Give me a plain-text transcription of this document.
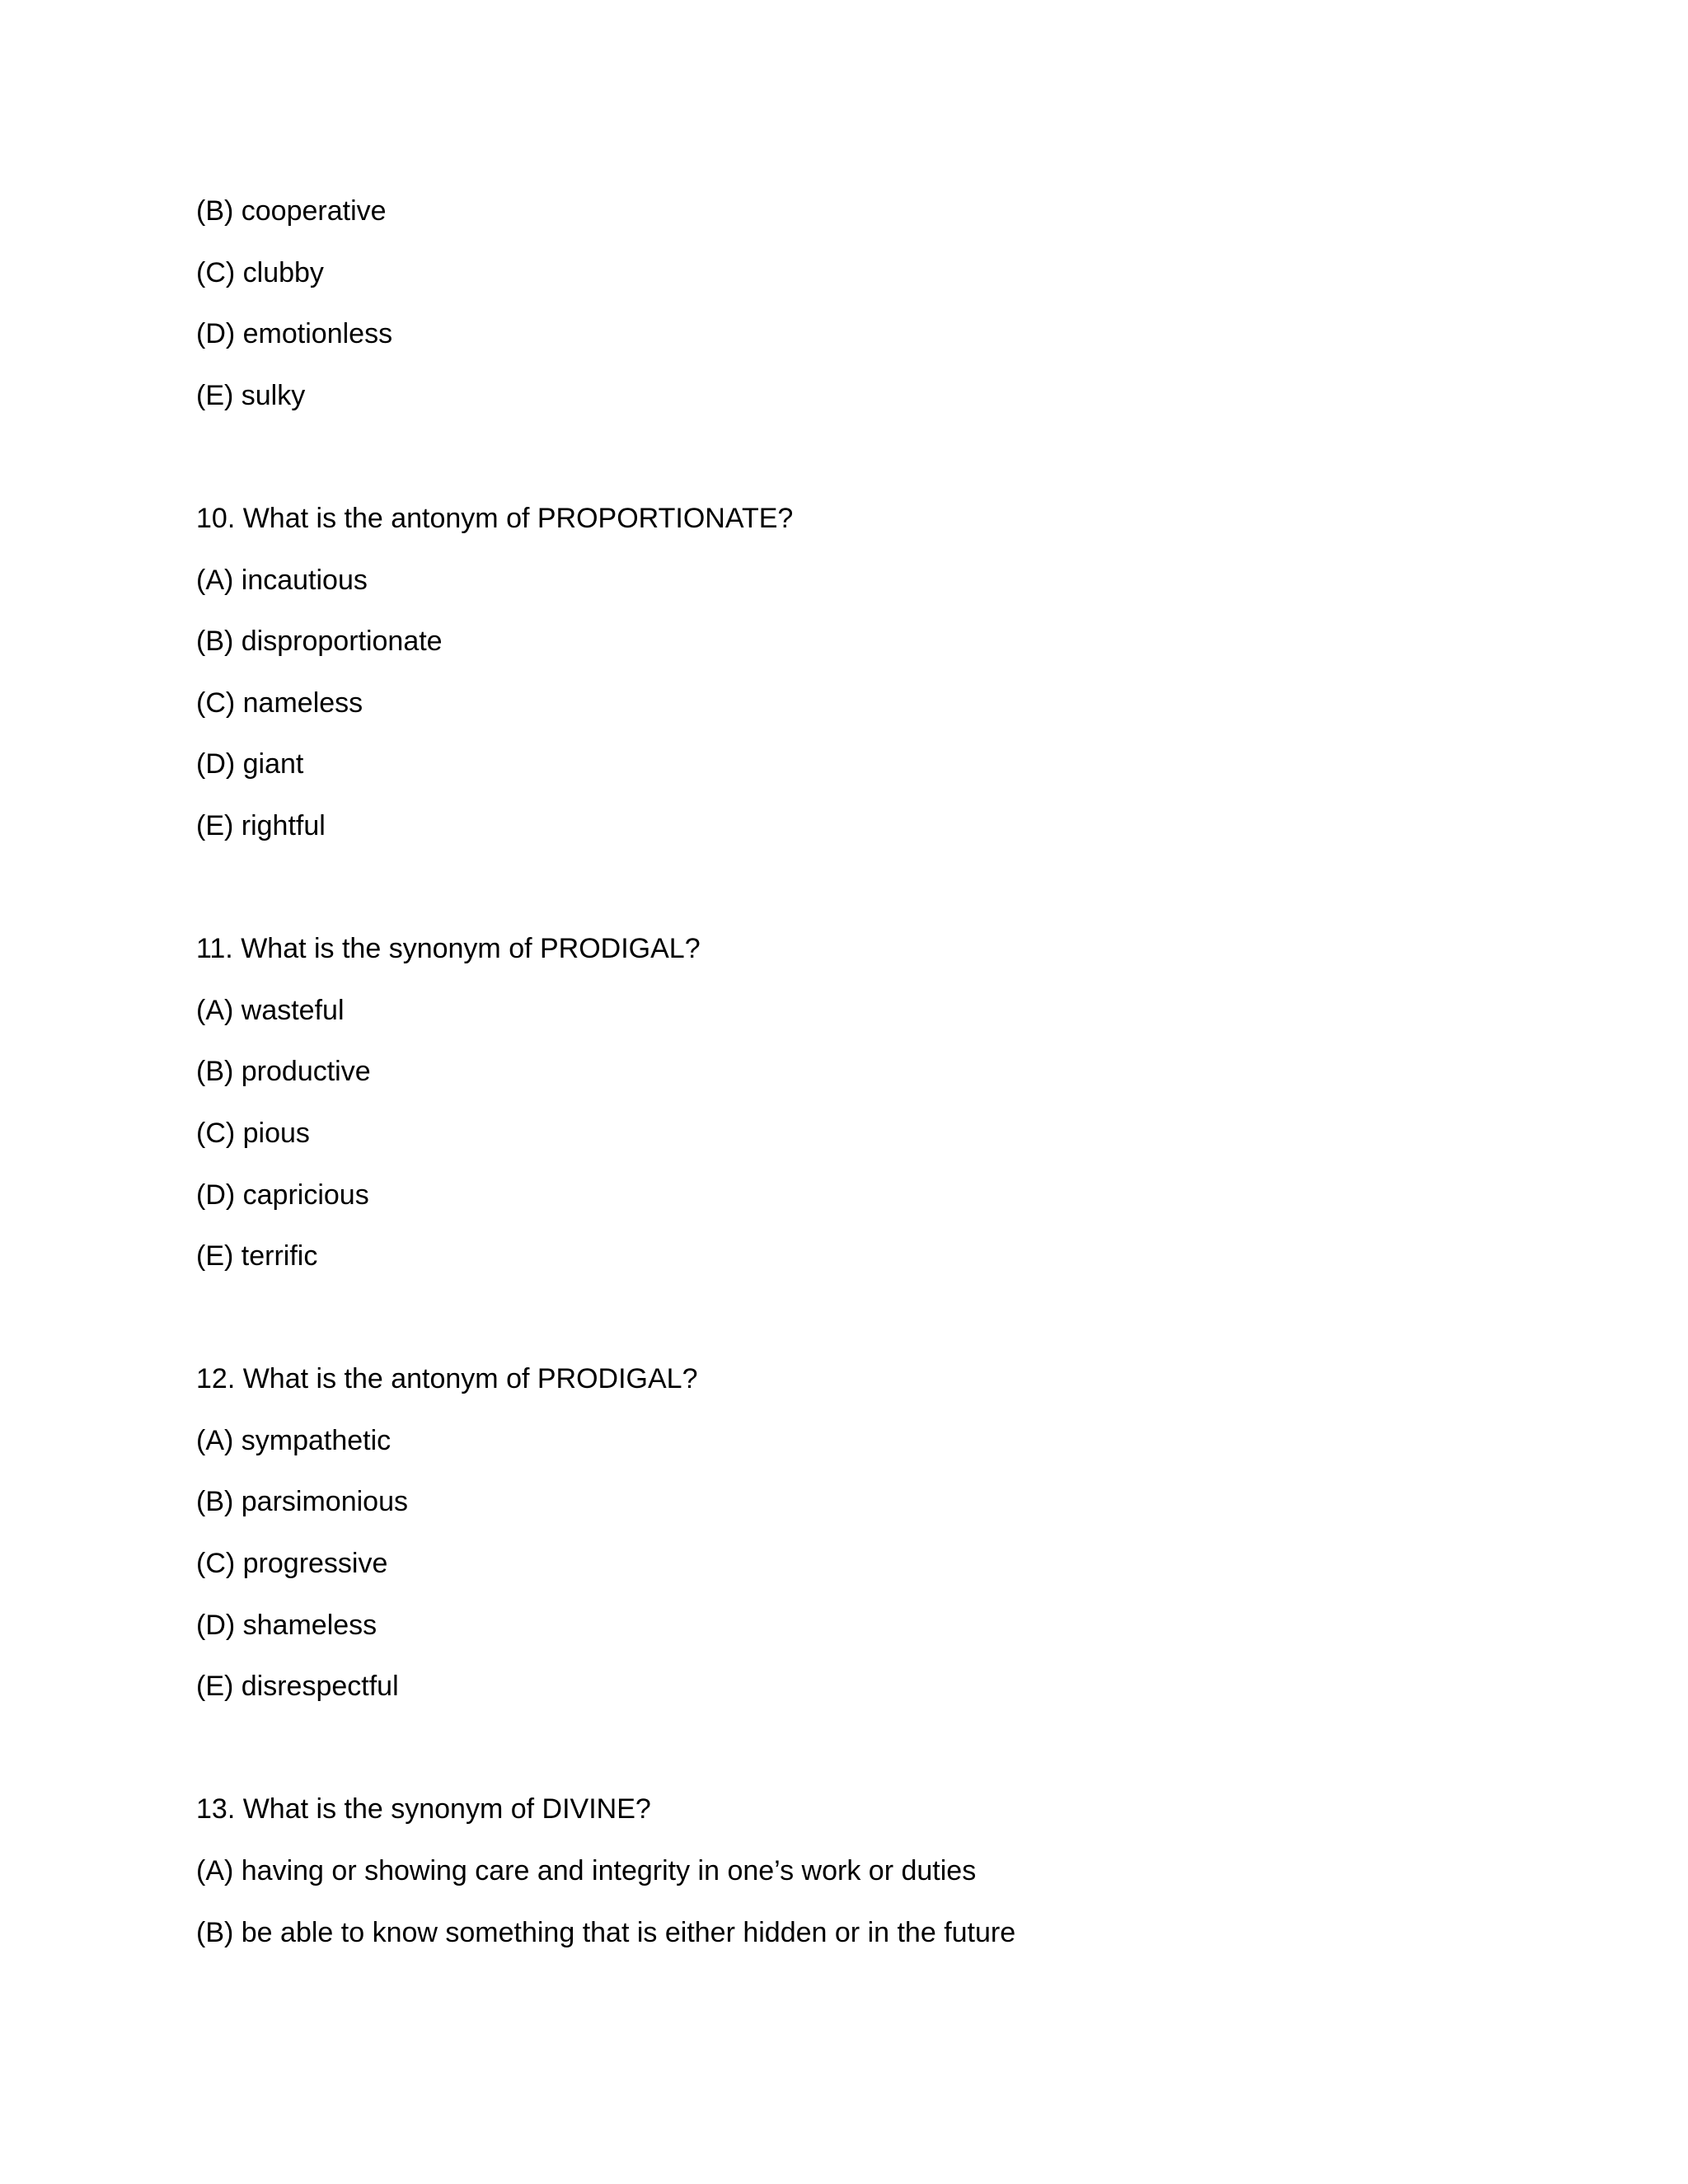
(B) cooperative
(C) clubby
(D) emotionless
(E) sulky
10. What is the antonym of PROPORTIONATE?
(A) incautious
(B) disproportionate
(C) nameless
(D) giant
(E) rightful
11. What is the synonym of PRODIGAL?
(A) wasteful
(B) productive
(C) pious
(D) capricious
(E) terrific
12. What is the antonym of PRODIGAL?
(A) sympathetic
(B) parsimonious
(C) progressive
(D) shameless
(E) disrespectful
13. What is the synonym of DIVINE?
(A) having or showing care and integrity in one’s work or duties
(B) be able to know something that is either hidden or in the future
